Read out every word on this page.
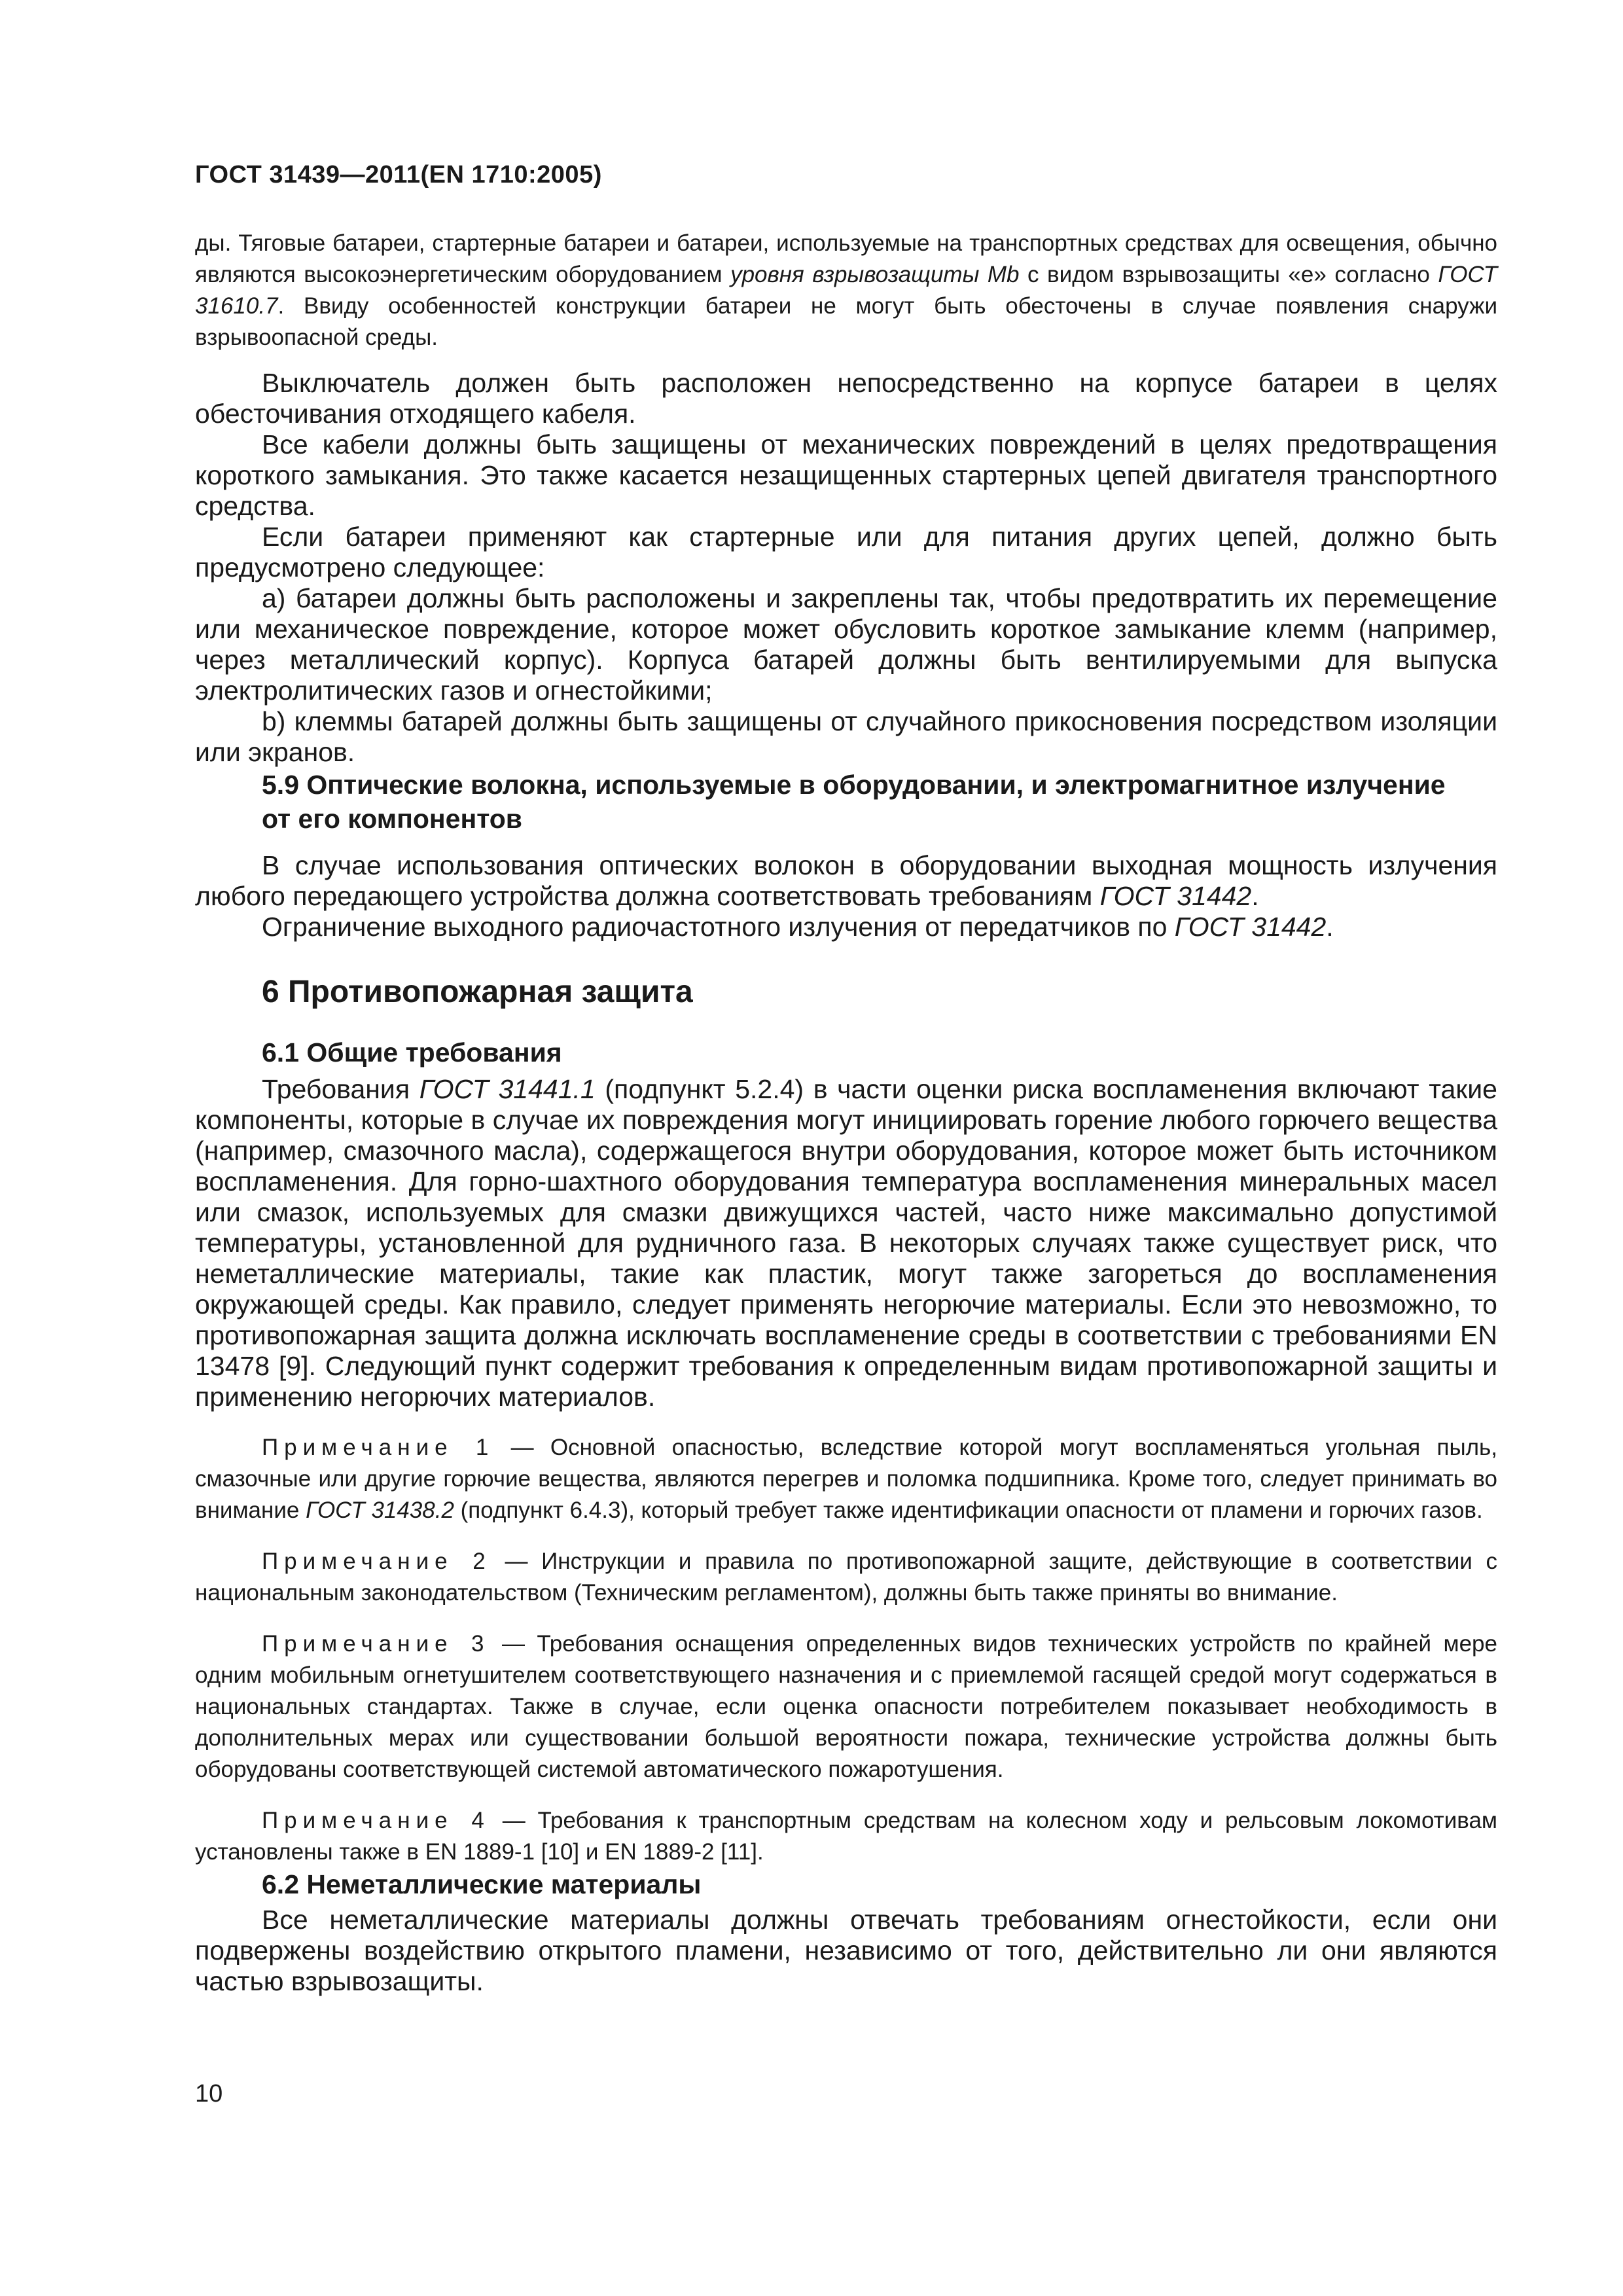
ГОСТ 31439—2011(EN 1710:2005)

ды. Тяговые батареи, стартерные батареи и батареи, используемые на транспортных средствах для освещения, обычно являются высокоэнергетическим оборудованием уровня взрывозащиты Mb с видом взрывозащиты «е» согласно ГОСТ 31610.7. Ввиду особенностей конструкции батареи не могут быть обесточены в случае появления снаружи взрывоопасной среды.

Выключатель должен быть расположен непосредственно на корпусе батареи в целях обесточивания отходящего кабеля.

Все кабели должны быть защищены от механических повреждений в целях предотвращения короткого замыкания. Это также касается незащищенных стартерных цепей двигателя транспортного средства.

Если батареи применяют как стартерные или для питания других цепей, должно быть предусмотрено следующее:

a) батареи должны быть расположены и закреплены так, чтобы предотвратить их перемещение или механическое повреждение, которое может обусловить короткое замыкание клемм (например, через металлический корпус). Корпуса батарей должны быть вентилируемыми для выпуска электролитических газов и огнестойкими;

b) клеммы батарей должны быть защищены от случайного прикосновения посредством изоляции или экранов.

5.9 Оптические волокна, используемые в оборудовании, и электромагнитное излучение
от его компонентов

В случае использования оптических волокон в оборудовании выходная мощность излучения любого передающего устройства должна соответствовать требованиям ГОСТ 31442.

Ограничение выходного радиочастотного излучения от передатчиков по ГОСТ 31442.

6 Противопожарная защита

6.1 Общие требования

Требования ГОСТ 31441.1 (подпункт 5.2.4) в части оценки риска воспламенения включают такие компоненты, которые в случае их повреждения могут инициировать горение любого горючего вещества (например, смазочного масла), содержащегося внутри оборудования, которое может быть источником воспламенения. Для горно-шахтного оборудования температура воспламенения минеральных масел или смазок, используемых для смазки движущихся частей, часто ниже максимально допустимой температуры, установленной для рудничного газа. В некоторых случаях также существует риск, что неметаллические материалы, такие как пластик, могут также загореться до воспламенения окружающей среды. Как правило, следует применять негорючие материалы. Если это невозможно, то противопожарная защита должна исключать воспламенение среды в соответствии с требованиями EN 13478 [9]. Следующий пункт содержит требования к определенным видам противопожарной защиты и применению негорючих материалов.

Примечание 1 — Основной опасностью, вследствие которой могут воспламеняться угольная пыль, смазочные или другие горючие вещества, являются перегрев и поломка подшипника. Кроме того, следует принимать во внимание ГОСТ 31438.2 (подпункт 6.4.3), который требует также идентификации опасности от пламени и горючих газов.

Примечание 2 — Инструкции и правила по противопожарной защите, действующие в соответствии с национальным законодательством (Техническим регламентом), должны быть также приняты во внимание.

Примечание 3 — Требования оснащения определенных видов технических устройств по крайней мере одним мобильным огнетушителем соответствующего назначения и с приемлемой гасящей средой могут содержаться в национальных стандартах. Также в случае, если оценка опасности потребителем показывает необходимость в дополнительных мерах или существовании большой вероятности пожара, технические устройства должны быть оборудованы соответствующей системой автоматического пожаротушения.

Примечание 4 — Требования к транспортным средствам на колесном ходу и рельсовым локомотивам установлены также в EN 1889-1 [10] и EN 1889-2 [11].

6.2 Неметаллические материалы

Все неметаллические материалы должны отвечать требованиям огнестойкости, если они подвержены воздействию открытого пламени, независимо от того, действительно ли они являются частью взрывозащиты.

10
